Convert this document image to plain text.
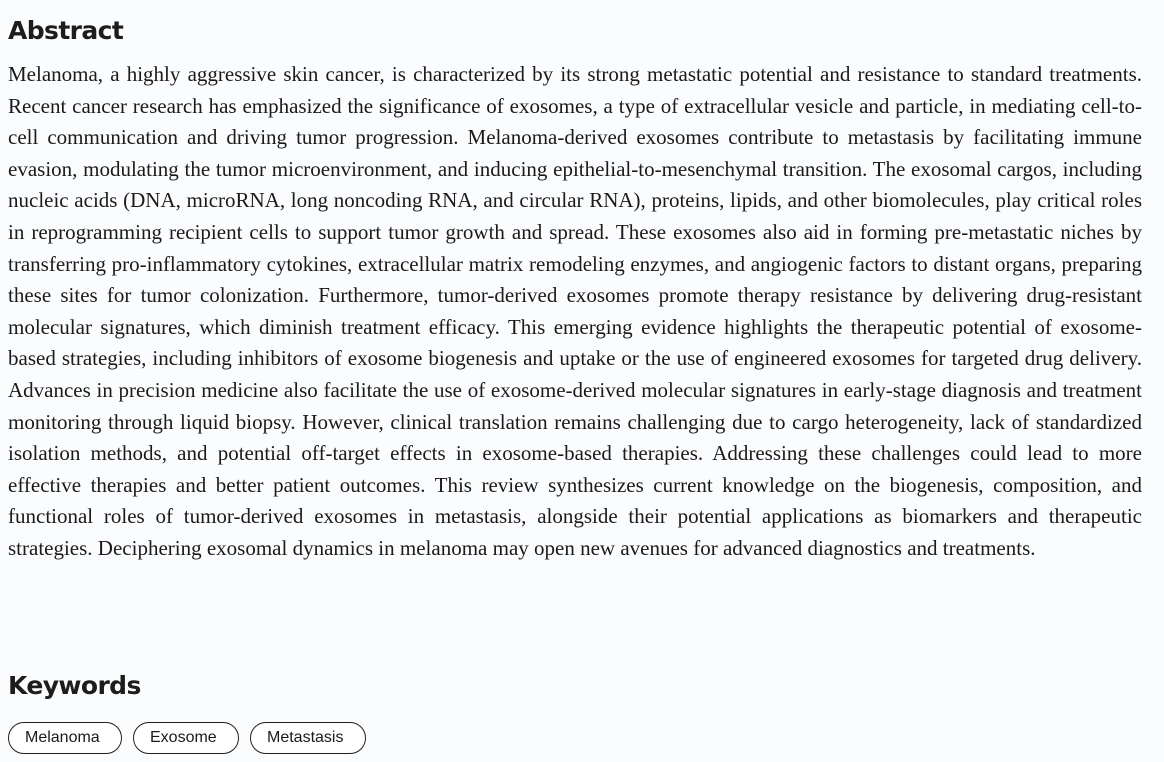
Abstract

Melanoma, a highly aggressive skin cancer, is characterized by its strong metastatic potential and resistance to standard treatments. Recent cancer research has emphasized the significance of exosomes, a type of extracellular vesicle and particle, in mediating cell-to-cell communication and driving tumor progression. Melanoma-derived exosomes contribute to metastasis by facilitating immune evasion, modulating the tumor microenvironment, and inducing epithelial-to-mesenchymal transition. The exosomal cargos, including nucleic acids (DNA, microRNA, long noncoding RNA, and circular RNA), proteins, lipids, and other biomolecules, play critical roles in reprogramming recipient cells to support tumor growth and spread. These exosomes also aid in forming pre-metastatic niches by transferring pro-inflammatory cytokines, extracellular matrix remodeling enzymes, and angiogenic factors to distant organs, preparing these sites for tumor colonization. Furthermore, tumor-derived exosomes promote therapy resistance by delivering drug-resistant molecular signatures, which diminish treatment efficacy. This emerging evidence highlights the therapeutic potential of exosome-based strategies, including inhibitors of exosome biogenesis and uptake or the use of engineered exosomes for targeted drug delivery. Advances in precision medicine also facilitate the use of exosome-derived molecular signatures in early-stage diagnosis and treatment monitoring through liquid biopsy. However, clinical translation remains challenging due to cargo heterogeneity, lack of standardized isolation methods, and potential off-target effects in exosome-based therapies. Addressing these challenges could lead to more effective therapies and better patient outcomes. This review synthesizes current knowledge on the biogenesis, composition, and functional roles of tumor-derived exosomes in metastasis, alongside their potential applications as biomarkers and therapeutic strategies. Deciphering exosomal dynamics in melanoma may open new avenues for advanced diagnostics and treatments.

Keywords
Melanoma	Exosome	Metastasis
